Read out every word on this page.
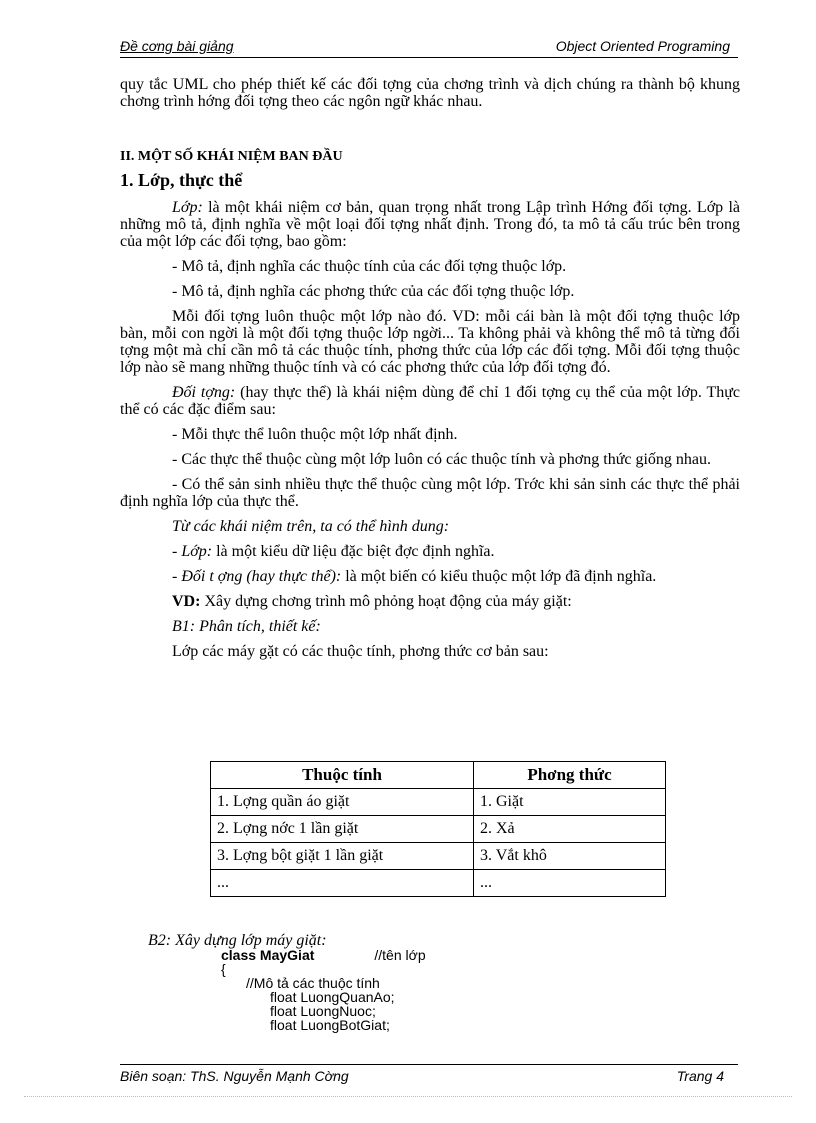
Đề cơng bài giảng	Object Oriented Programing

quy tắc UML cho phép thiết kế các đối tợng của chơng trình và dịch chúng ra thành bộ khung chơng trình hớng đối tợng theo các ngôn ngữ khác nhau.

II. MỘT SỐ KHÁI NIỆM BAN ĐẦU

1. Lớp, thực thể

Lớp: là một khái niệm cơ bản, quan trọng nhất trong Lập trình Hớng đối tợng. Lớp là những mô tả, định nghĩa về một loại đối tợng nhất định. Trong đó, ta mô tả cấu trúc bên trong của một lớp các đối tợng, bao gồm:

- Mô tả, định nghĩa các thuộc tính của các đối tợng thuộc lớp.

- Mô tả, định nghĩa các phơng thức của các đối tợng thuộc lớp.

Mỗi đối tợng luôn thuộc một lớp nào đó. VD: mỗi cái bàn là một đối tợng thuộc lớp bàn, mỗi con ngời là một đối tợng thuộc lớp ngời... Ta không phải và không thể mô tả từng đối tợng một mà chỉ cần mô tả các thuộc tính, phơng thức của lớp các đối tợng. Mỗi đối tợng thuộc lớp nào sẽ mang những thuộc tính và có các phơng thức của lớp đối tợng đó.

Đối tợng: (hay thực thể) là khái niệm dùng để chỉ 1 đối tợng cụ thể của một lớp. Thực thể có các đặc điểm sau:

- Mỗi thực thể luôn thuộc một lớp nhất định.

- Các thực thể thuộc cùng một lớp luôn có các thuộc tính và phơng thức giống nhau.

- Có thể sản sinh nhiều thực thể thuộc cùng một lớp. Trớc khi sản sinh các thực thể phải định nghĩa lớp của thực thể.

Từ các khái niệm trên, ta có thể hình dung:

- Lớp: là một kiểu dữ liệu đặc biệt đợc định nghĩa.

- Đối t ợng (hay thực thể): là một biến có kiểu thuộc một lớp đã định nghĩa.

VD: Xây dựng chơng trình mô phỏng hoạt động của máy giặt:

B1: Phân tích, thiết kế:

Lớp các máy gặt có các thuộc tính, phơng thức cơ bản sau:

Thuộc tính	Phơng thức
1. Lợng quần áo giặt	1. Giặt
2. Lợng nớc 1 lần giặt	2. Xả
3. Lợng bột giặt 1 lần giặt	3. Vắt khô
...	...
B2: Xây dựng lớp máy giặt:
class MayGiat	//tên lớp
{
//Mô tả các thuộc tính
float LuongQuanAo;
float LuongNuoc;
float LuongBotGiat;
Biên soạn: ThS. Nguyễn Mạnh Cờng	Trang 4
